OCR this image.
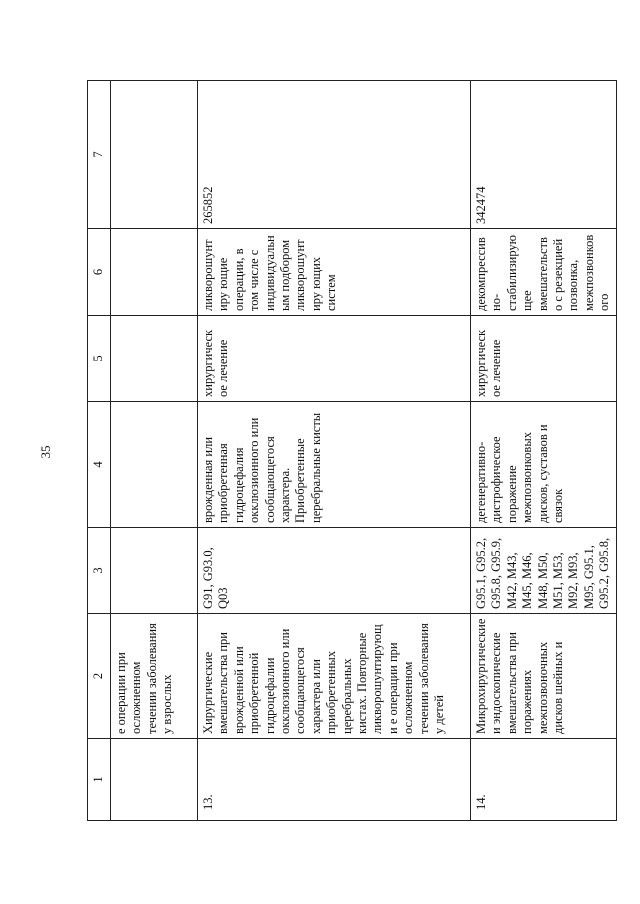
35
1	2	3	4	5	6	7
	е операции при осложненном течении заболевания у взрослых					
13.	Хирургические вмешательства при врожденной или приобретенной гидроцефалии окклюзионного или сообщающегося характера или приобретенных церебральных кистах. Повторные ликворошунтирующи е операции при осложненном течении заболевания у детей	G91, G93.0, Q03	врожденная или приобретенная гидроцефалия окклюзионного или сообщающегося характера. Приобретенные церебральные кисты	хирургическ ое лечение	ликворошунтиру ющие операции, в том числе с индивидуальным подбором ликворошунтиру ющих систем	265852
14.	Микрохирургические и эндоскопические вмешательства при поражениях межпозвоночных дисков шейных и	G95.1, G95.2, G95.8, G95.9, M42, M43, M45, M46, M48, M50, M51, M53, M92, M93, M95, G95.1, G95.2, G95.8,	дегенеративно-дистрофическое поражение межпозвонковых дисков, суставов и связок	хирургическ ое лечение	декомпрессивно-стабилизирующее вмешательство с резекцией позвонка, межпозвонкового	342474
